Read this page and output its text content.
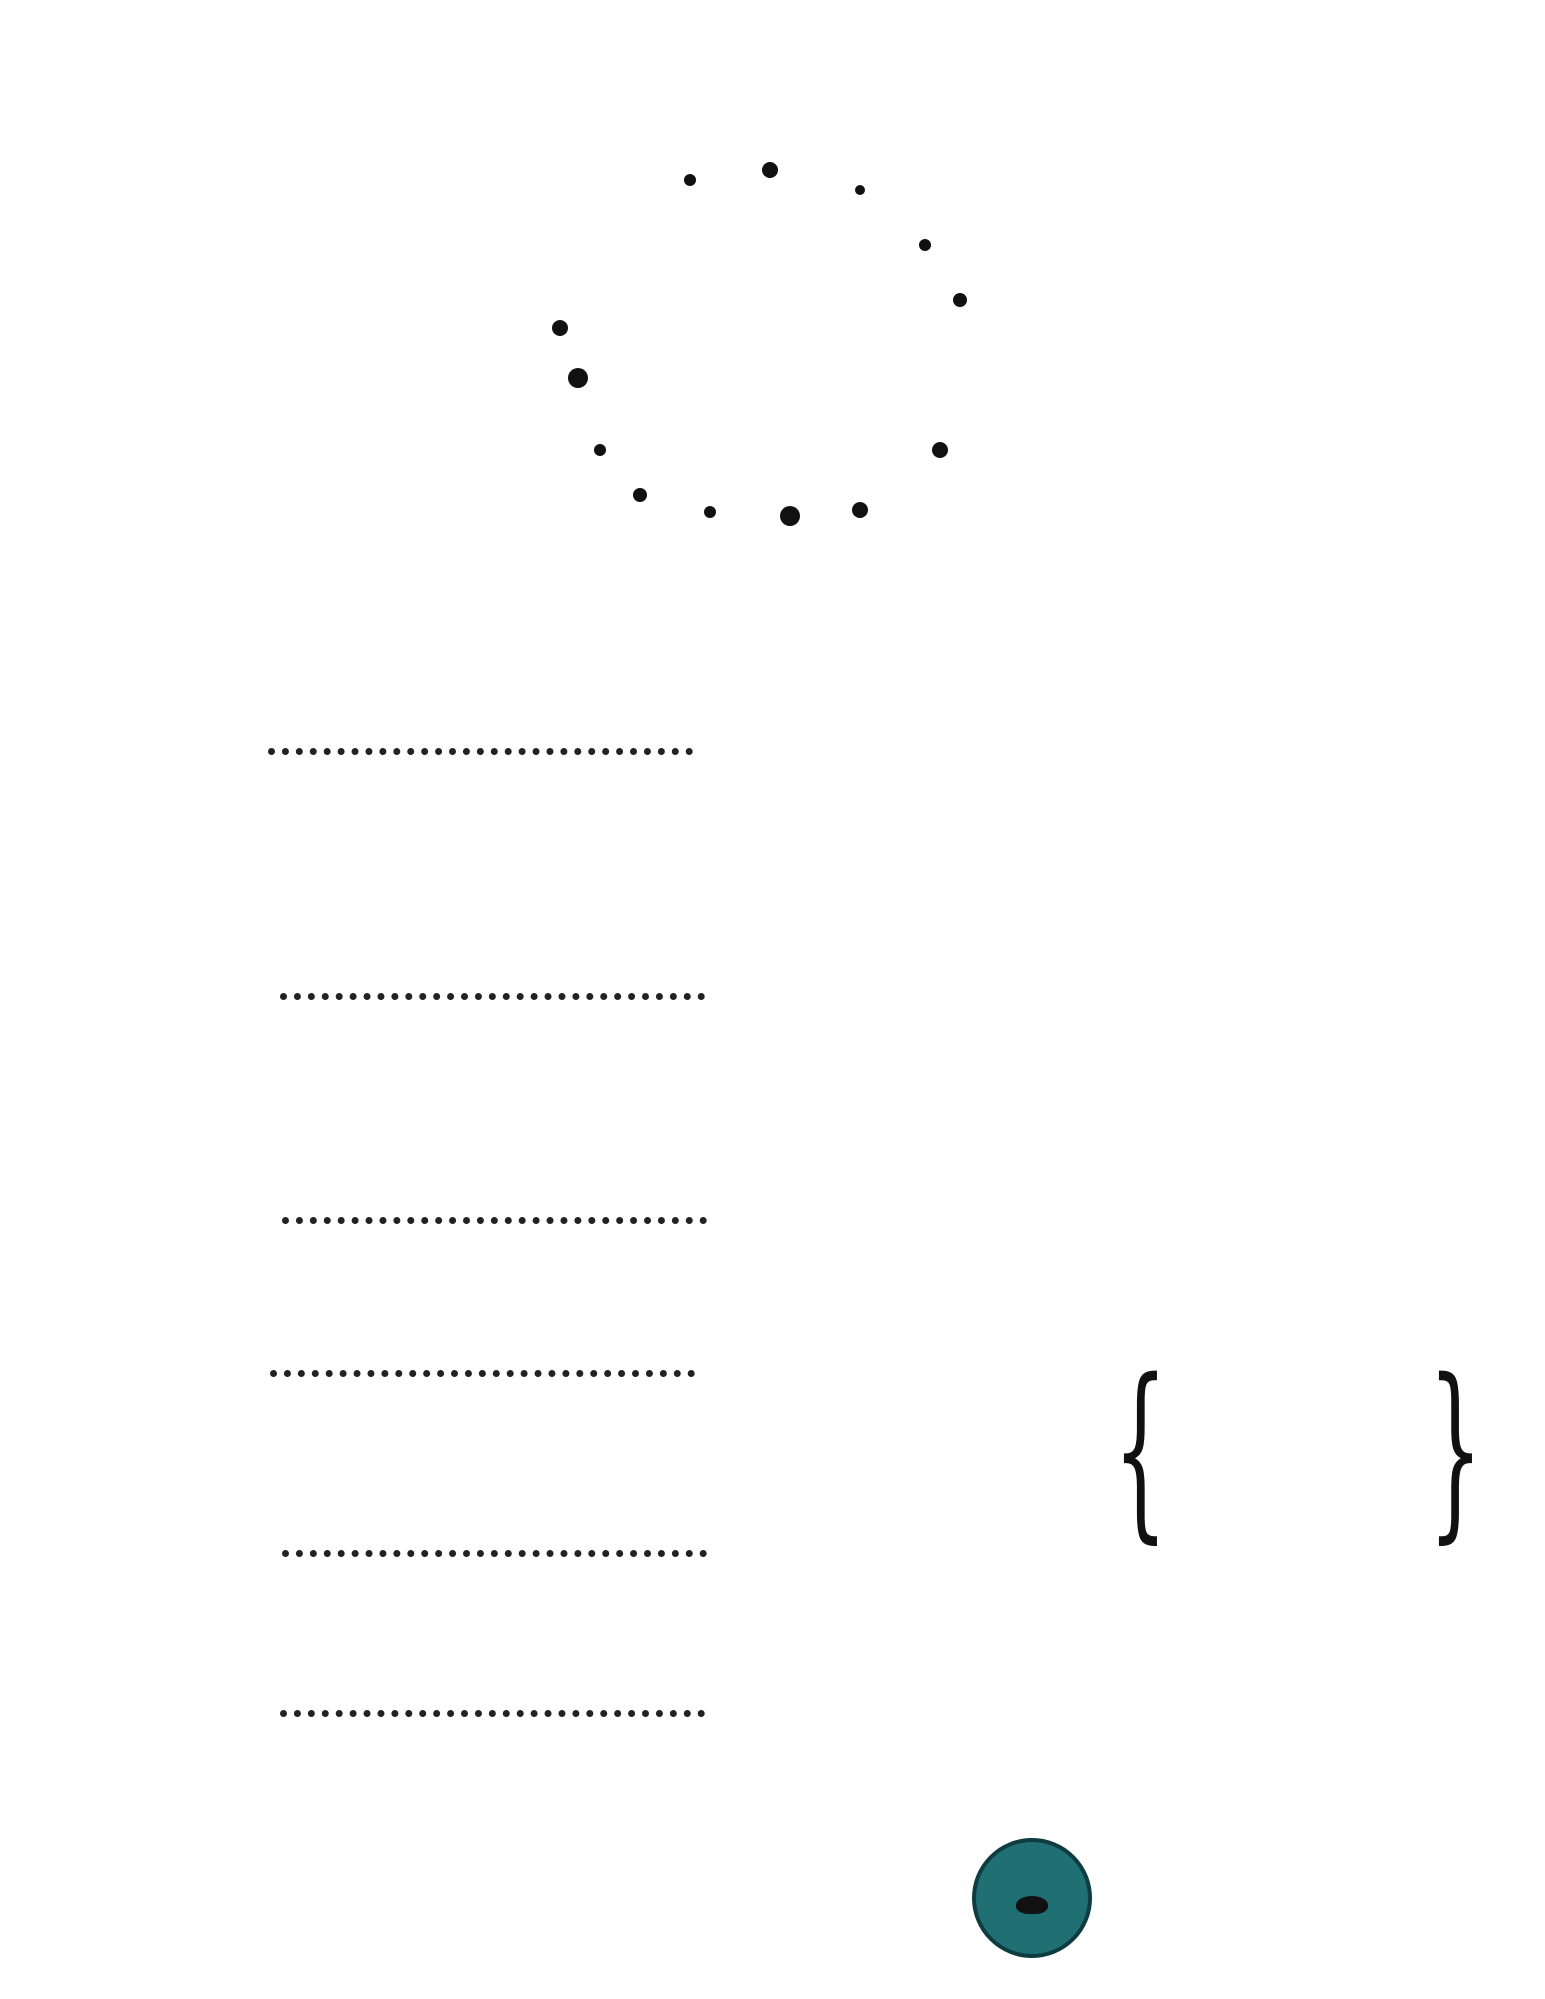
{ }
